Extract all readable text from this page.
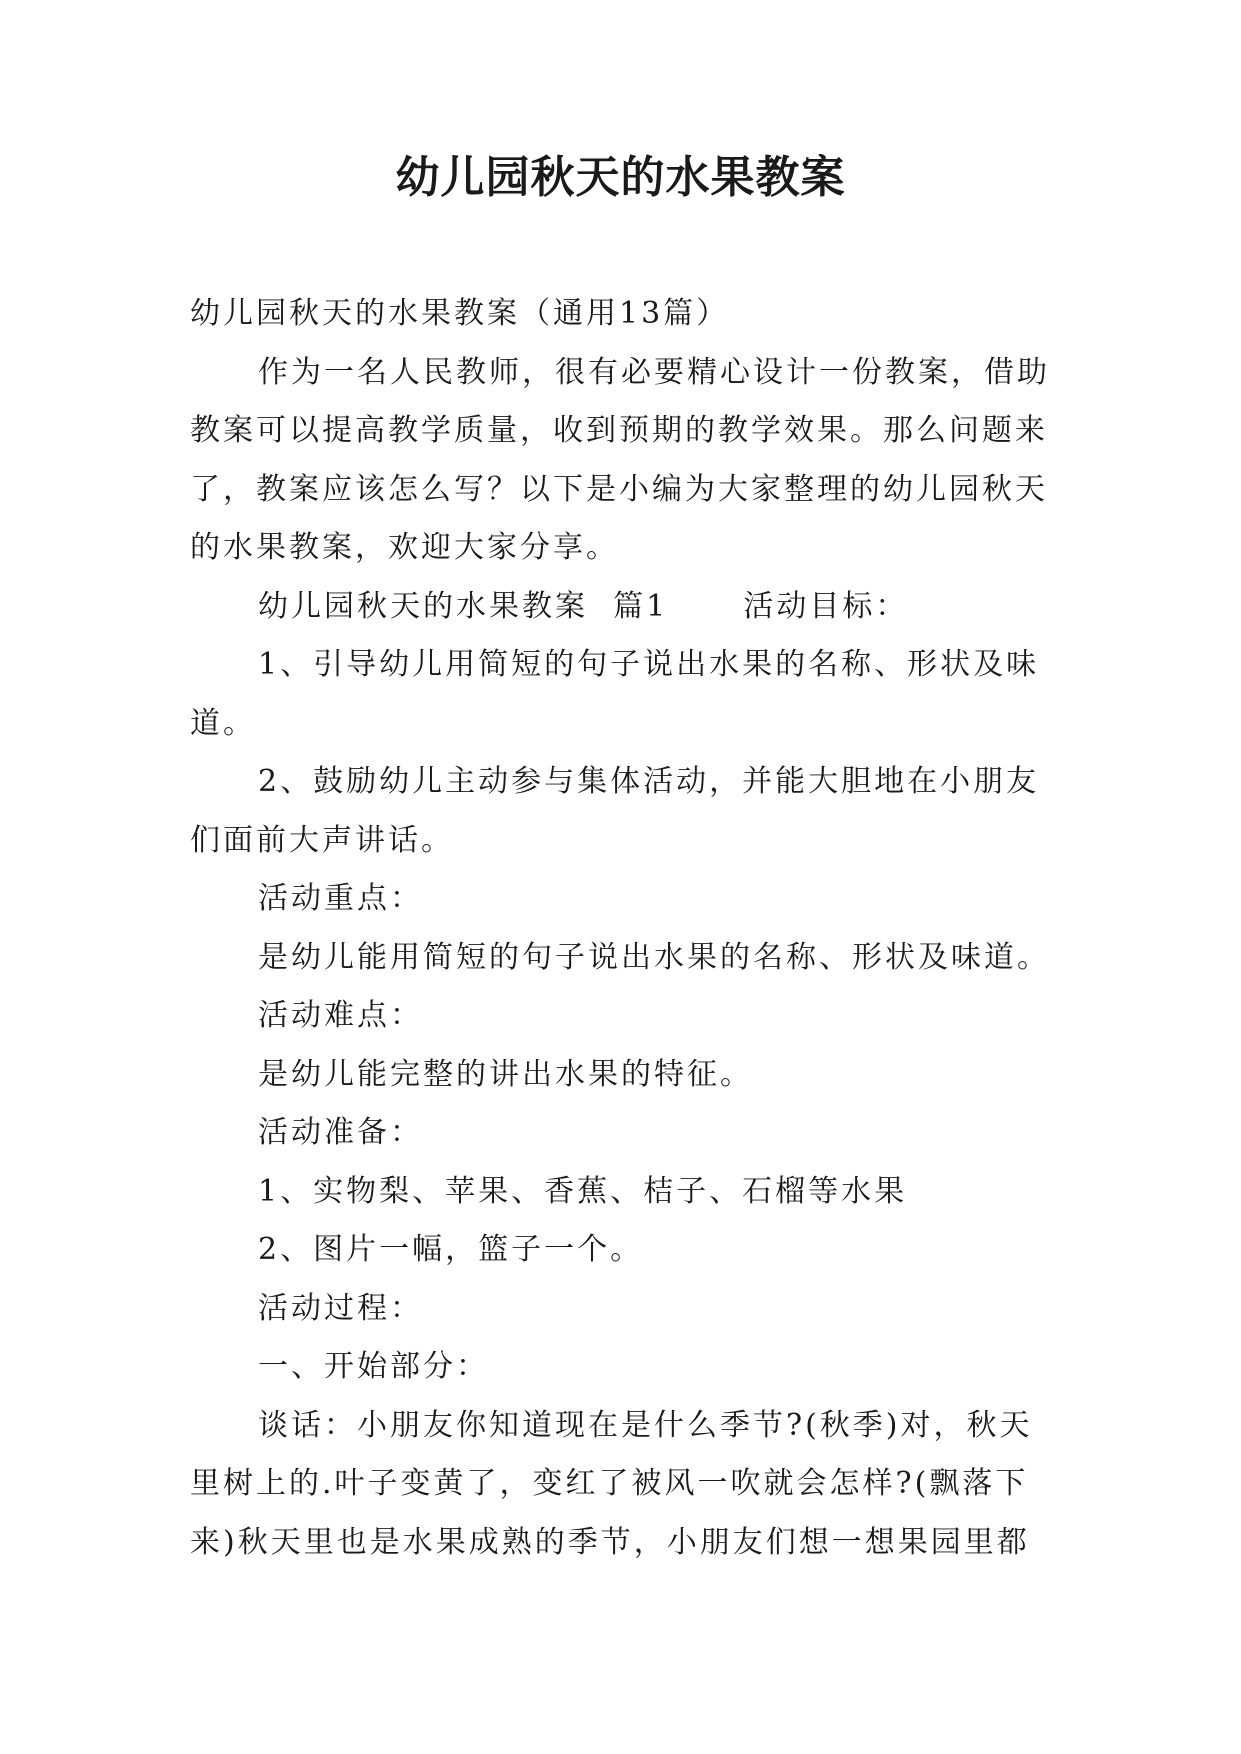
幼儿园秋天的水果教案

幼儿园秋天的水果教案（通用13篇）

作为一名人民教师，很有必要精心设计一份教案，借助

教案可以提高教学质量，收到预期的教学效果。那么问题来

了，教案应该怎么写？以下是小编为大家整理的幼儿园秋天

的水果教案，欢迎大家分享。

幼儿园秋天的水果教案  篇1      活动目标：

1、引导幼儿用简短的句子说出水果的名称、形状及味

道。

2、鼓励幼儿主动参与集体活动，并能大胆地在小朋友

们面前大声讲话。

活动重点：

是幼儿能用简短的句子说出水果的名称、形状及味道。

活动难点：

是幼儿能完整的讲出水果的特征。

活动准备：

1、实物梨、苹果、香蕉、桔子、石榴等水果

2、图片一幅，篮子一个。

活动过程：

一、开始部分：

谈话：小朋友你知道现在是什么季节?(秋季)对，秋天

里树上的.叶子变黄了，变红了被风一吹就会怎样?(飘落下

来)秋天里也是水果成熟的季节，小朋友们想一想果园里都
